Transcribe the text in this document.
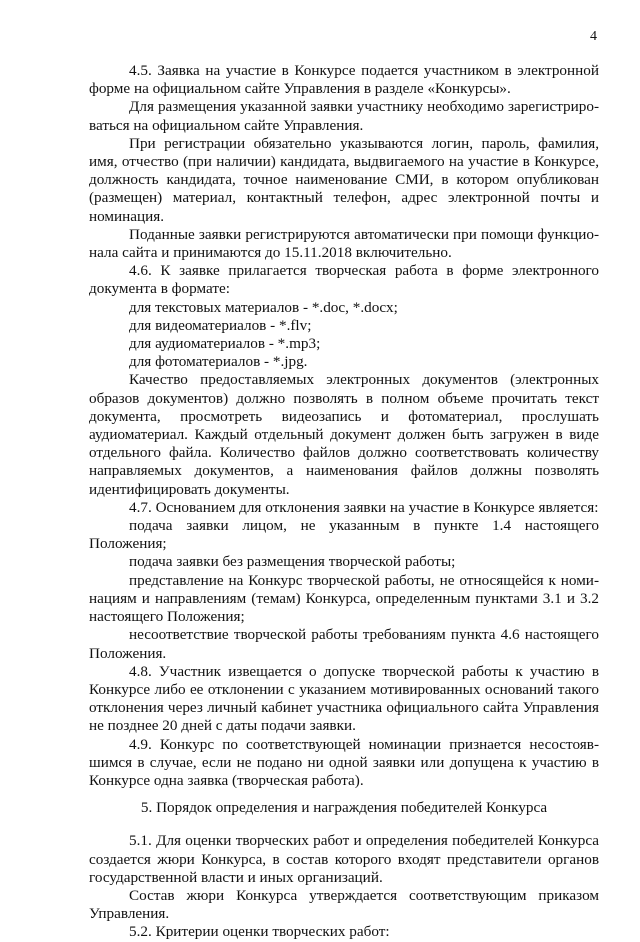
4

4.5. Заявка на участие в Конкурсе подается участником в электронной форме на официальном сайте Управления в разделе «Конкурсы».

Для размещения указанной заявки участнику необходимо зарегистрироваться на официальном сайте Управления.

При регистрации обязательно указываются логин, пароль, фамилия, имя, отчество (при наличии) кандидата, выдвигаемого на участие в Конкурсе, должность кандидата, точное наименование СМИ, в котором опубликован (размещен) материал, контактный телефон, адрес электронной почты и номинация.

Поданные заявки регистрируются автоматически при помощи функционала сайта и принимаются до 15.11.2018 включительно.

4.6. К заявке прилагается творческая работа в форме электронного документа в формате:

для текстовых материалов - *.doc, *.docx;

для видеоматериалов - *.flv;

для аудиоматериалов - *.mp3;

для фотоматериалов - *.jpg.

Качество предоставляемых электронных документов (электронных образов документов) должно позволять в полном объеме прочитать текст документа, просмотреть видеозапись и фотоматериал, прослушать аудиоматериал. Каждый отдельный документ должен быть загружен в виде отдельного файла. Количество файлов должно соответствовать количеству направляемых документов, а наименования файлов должны позволять идентифицировать документы.

4.7. Основанием для отклонения заявки на участие в Конкурсе является:

подача заявки лицом, не указанным в пункте 1.4 настоящего Положения;

подача заявки без размещения творческой работы;

представление на Конкурс творческой работы, не относящейся к номинациям и направлениям (темам) Конкурса, определенным пунктами 3.1 и 3.2 настоящего Положения;

несоответствие творческой работы требованиям пункта 4.6 настоящего Положения.

4.8. Участник извещается о допуске творческой работы к участию в Конкурсе либо ее отклонении с указанием мотивированных оснований такого отклонения через личный кабинет участника официального сайта Управления не позднее 20 дней с даты подачи заявки.

4.9. Конкурс по соответствующей номинации признается несостоявшимся в случае, если не подано ни одной заявки или допущена к участию в Конкурсе одна заявка (творческая работа).

5. Порядок определения и награждения победителей Конкурса

5.1. Для оценки творческих работ и определения победителей Конкурса создается жюри Конкурса, в состав которого входят представители органов государственной власти и иных организаций.

Состав жюри Конкурса утверждается соответствующим приказом Управления.

5.2. Критерии оценки творческих работ:
